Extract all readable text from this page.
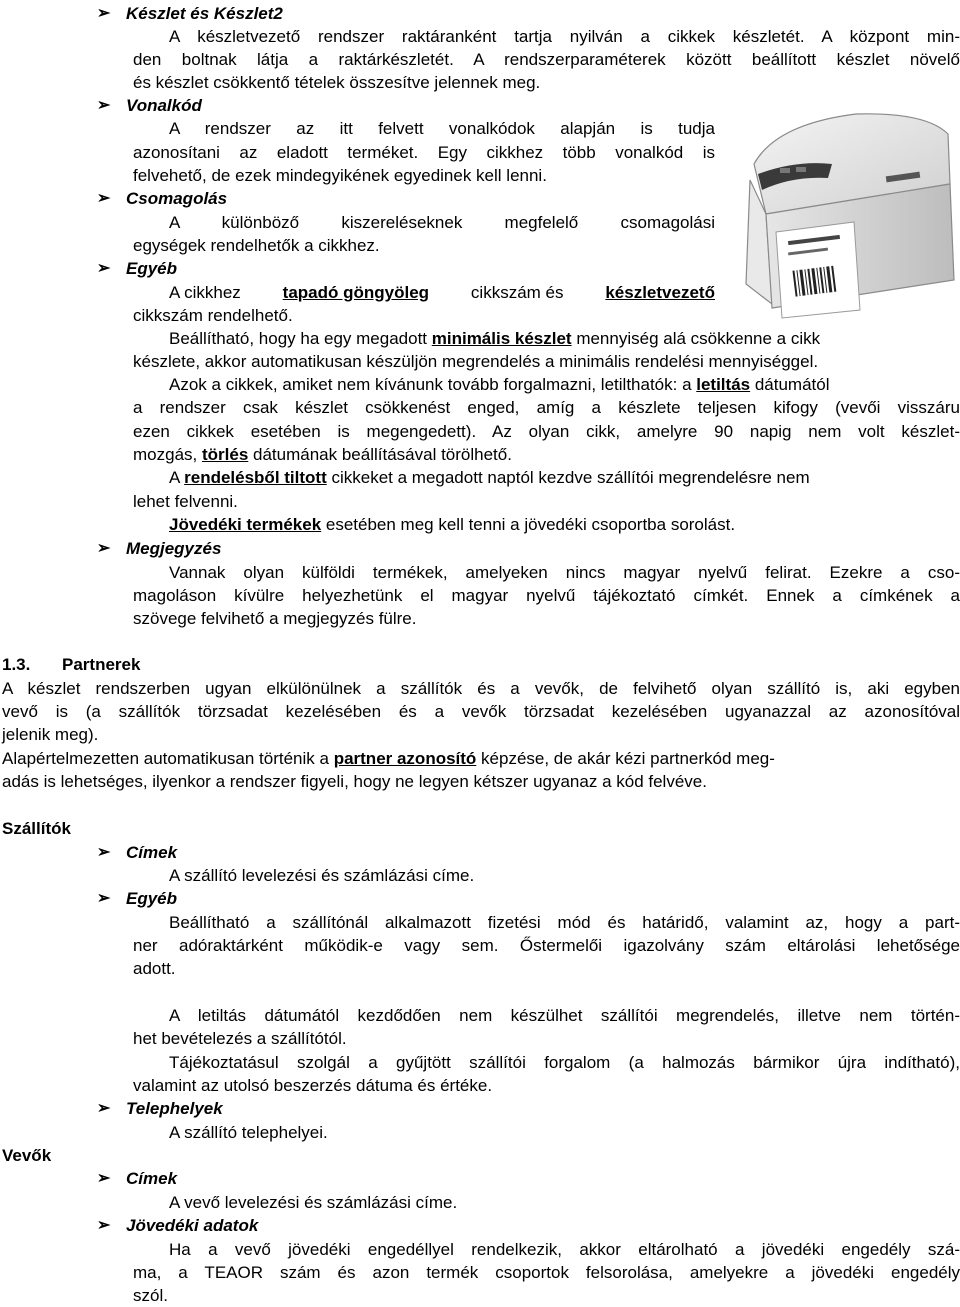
➢ Készlet és Készlet2
A készletvezető rendszer raktáranként tartja nyilván a cikkek készletét. A központ min-
den boltnak látja a raktárkészletét. A rendszerparaméterek között beállított készlet növelő
és készlet csökkentő tételek összesítve jelennek meg.
➢ Vonalkód
A rendszer az itt felvett vonalkódok alapján is tudja
azonosítani az eladott terméket. Egy cikkhez több vonalkód is
felvehető, de ezek mindegyikének egyedinek kell lenni.
➢ Csomagolás
A különböző kiszereléseknek megfelelő csomagolási
egységek rendelhetők a cikkhez.
➢ Egyéb
A cikkhez tapadó göngyöleg cikkszám és készletvezető
cikkszám rendelhető.
Beállítható, hogy ha egy megadott minimális készlet mennyiség alá csökkenne a cikk
készlete, akkor automatikusan készüljön megrendelés a minimális rendelési mennyiséggel.
Azok a cikkek, amiket nem kívánunk tovább forgalmazni, letilthatók: a letiltás dátumától
a rendszer csak készlet csökkenést enged, amíg a készlete teljesen kifogy (vevői visszáru
ezen cikkek esetében is megengedett). Az olyan cikk, amelyre 90 napig nem volt készlet-
mozgás, törlés dátumának beállításával törölhető.
A rendelésből tiltott cikkeket a megadott naptól kezdve szállítói megrendelésre nem
lehet felvenni.
Jövedéki termékek esetében meg kell tenni a jövedéki csoportba sorolást.
➢ Megjegyzés
Vannak olyan külföldi termékek, amelyeken nincs magyar nyelvű felirat. Ezekre a cso-
magoláson kívülre helyezhetünk el magyar nyelvű tájékoztató címkét. Ennek a címkének a
szövege felvihető a megjegyzés fülre.
1.3. Partnerek
A készlet rendszerben ugyan elkülönülnek a szállítók és a vevők, de felvihető olyan szállító is, aki egyben
vevő is (a szállítók törzsadat kezelésében és a vevők törzsadat kezelésében ugyanazzal az azonosítóval
jelenik meg).
Alapértelmezetten automatikusan történik a partner azonosító képzése, de akár kézi partnerkód meg-
adás is lehetséges, ilyenkor a rendszer figyeli, hogy ne legyen kétszer ugyanaz a kód felvéve.
Szállítók
➢ Címek
A szállító levelezési és számlázási címe.
➢ Egyéb
Beállítható a szállítónál alkalmazott fizetési mód és határidő, valamint az, hogy a part-
ner adóraktárként működik-e vagy sem. Őstermelői igazolvány szám eltárolási lehetősége
adott.
A letiltás dátumától kezdődően nem készülhet szállítói megrendelés, illetve nem történ-
het bevételezés a szállítótól.
Tájékoztatásul szolgál a gyűjtött szállítói forgalom (a halmozás bármikor újra indítható),
valamint az utolsó beszerzés dátuma és értéke.
➢ Telephelyek
A szállító telephelyei.
Vevők
➢ Címek
A vevő levelezési és számlázási címe.
➢ Jövedéki adatok
Ha a vevő jövedéki engedéllyel rendelkezik, akkor eltárolható a jövedéki engedély szá-
ma, a TEAOR szám és azon termék csoportok felsorolása, amelyekre a jövedéki engedély
szól.
